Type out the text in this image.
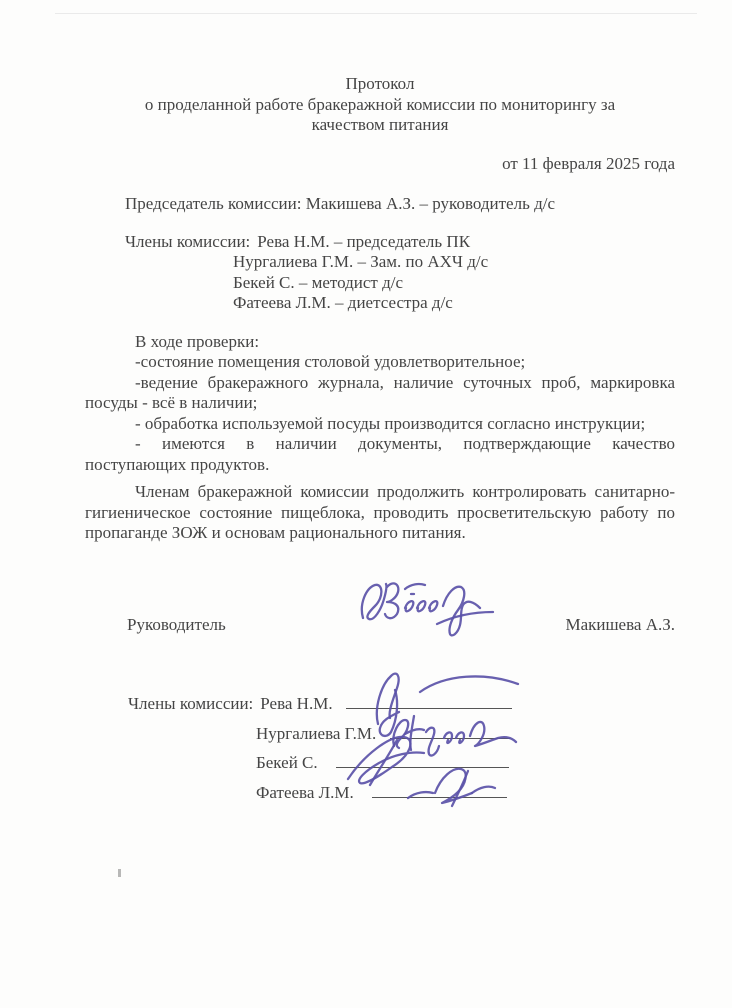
Протокол
о проделанной работе бракеражной комиссии по мониторингу за
качеством питания
от 11 февраля 2025 года
Председатель комиссии: Макишева А.З. – руководитель д/с
Члены комиссии: Рева Н.М. – председатель ПК
Нургалиева Г.М. – Зам. по АХЧ д/с
Бекей С. – методист д/с
Фатеева Л.М. – диетсестра д/с
В ходе проверки:
-состояние помещения столовой удовлетворительное;
-ведение бракеражного журнала, наличие суточных проб, маркировка посуды - всё в наличии;
- обработка используемой посуды производится согласно инструкции;
- имеются в наличии документы, подтверждающие качество поступающих продуктов.
Членам бракеражной комиссии продолжить контролировать санитарно-гигиеническое состояние пищеблока, проводить просветительскую работу по пропаганде ЗОЖ и основам рационального питания.
Руководитель	Макишева А.З.
Члены комиссии: Рева Н.М.
Нургалиева Г.М.
Бекей С.
Фатеева Л.М.
